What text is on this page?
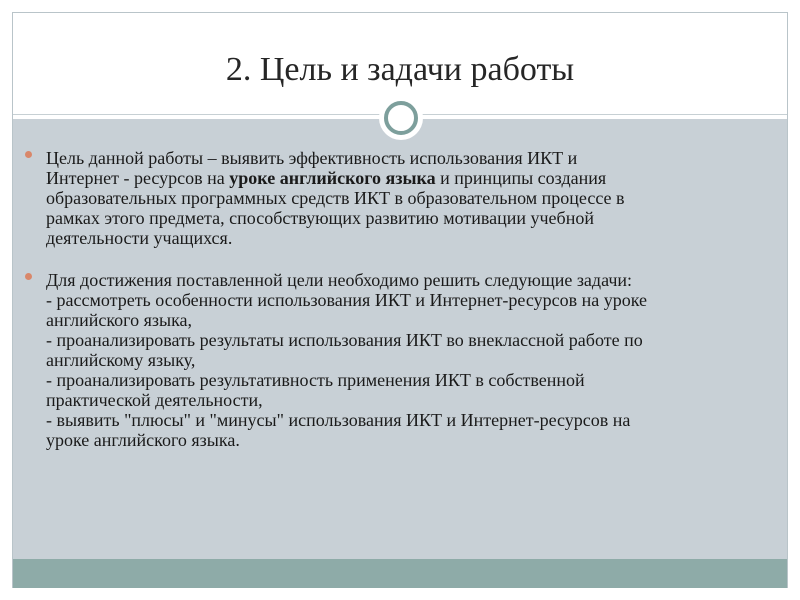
2. Цель и задачи работы
Цель данной работы – выявить эффективность использования ИКТ и
Интернет - ресурсов на уроке английского языка и принципы создания
образовательных программных средств ИКТ в образовательном процессе в
рамках этого предмета, способствующих развитию мотивации учебной
деятельности учащихся.
Для достижения поставленной цели необходимо решить следующие задачи:
- рассмотреть особенности использования ИКТ и Интернет-ресурсов на уроке
английского языка,
- проанализировать результаты использования ИКТ во внеклассной работе по
английскому языку,
- проанализировать результативность применения ИКТ в собственной
практической деятельности,
- выявить "плюсы" и "минусы" использования ИКТ и Интернет-ресурсов на
уроке английского языка.
